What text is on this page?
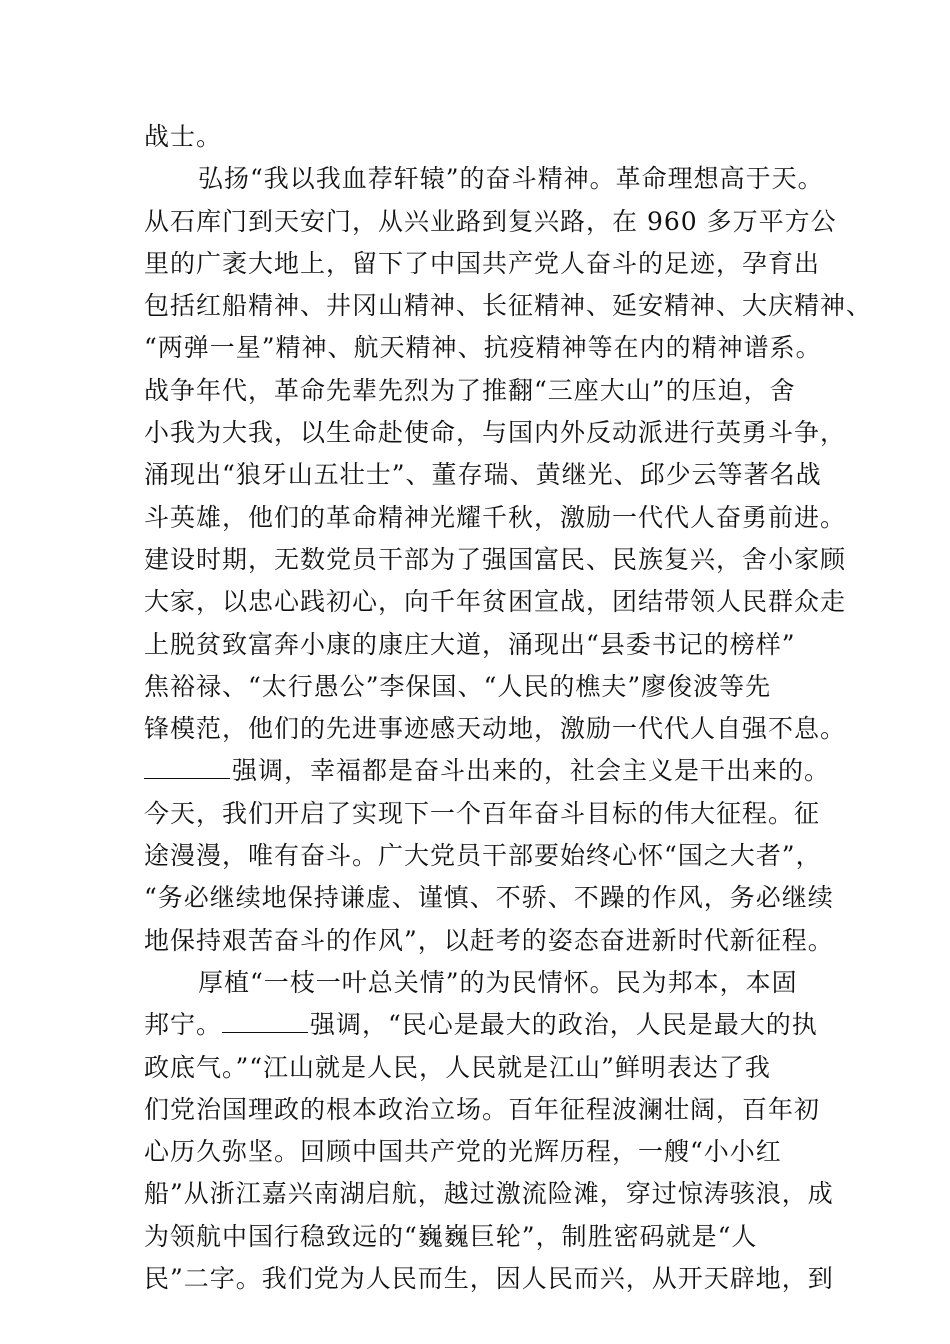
战士。
弘扬“我以我血荐轩辕”的奋斗精神。革命理想高于天。
从石库门到天安门，从兴业路到复兴路，在 960 多万平方公
里的广袤大地上，留下了中国共产党人奋斗的足迹，孕育出
包括红船精神、井冈山精神、长征精神、延安精神、大庆精神、
“两弹一星”精神、航天精神、抗疫精神等在内的精神谱系。
战争年代，革命先辈先烈为了推翻“三座大山”的压迫，舍
小我为大我，以生命赴使命，与国内外反动派进行英勇斗争，
涌现出“狼牙山五壮士”、董存瑞、黄继光、邱少云等著名战
斗英雄，他们的革命精神光耀千秋，激励一代代人奋勇前进。
建设时期，无数党员干部为了强国富民、民族复兴，舍小家顾
大家，以忠心践初心，向千年贫困宣战，团结带领人民群众走
上脱贫致富奔小康的康庄大道，涌现出“县委书记的榜样”
焦裕禄、“太行愚公”李保国、“人民的樵夫”廖俊波等先
锋模范，他们的先进事迹感天动地，激励一代代人自强不息。
强调，幸福都是奋斗出来的，社会主义是干出来的。
今天，我们开启了实现下一个百年奋斗目标的伟大征程。征
途漫漫，唯有奋斗。广大党员干部要始终心怀“国之大者”，
“务必继续地保持谦虚、谨慎、不骄、不躁的作风，务必继续
地保持艰苦奋斗的作风”，以赶考的姿态奋进新时代新征程。
厚植“一枝一叶总关情”的为民情怀。民为邦本，本固
邦宁。	强调，“民心是最大的政治，人民是最大的执
政底气。”“江山就是人民，人民就是江山”鲜明表达了我
们党治国理政的根本政治立场。百年征程波澜壮阔，百年初
心历久弥坚。回顾中国共产党的光辉历程，一艘“小小红
船”从浙江嘉兴南湖启航，越过激流险滩，穿过惊涛骇浪，成
为领航中国行稳致远的“巍巍巨轮”，制胜密码就是“人
民”二字。我们党为人民而生，因人民而兴，从开天辟地，到
